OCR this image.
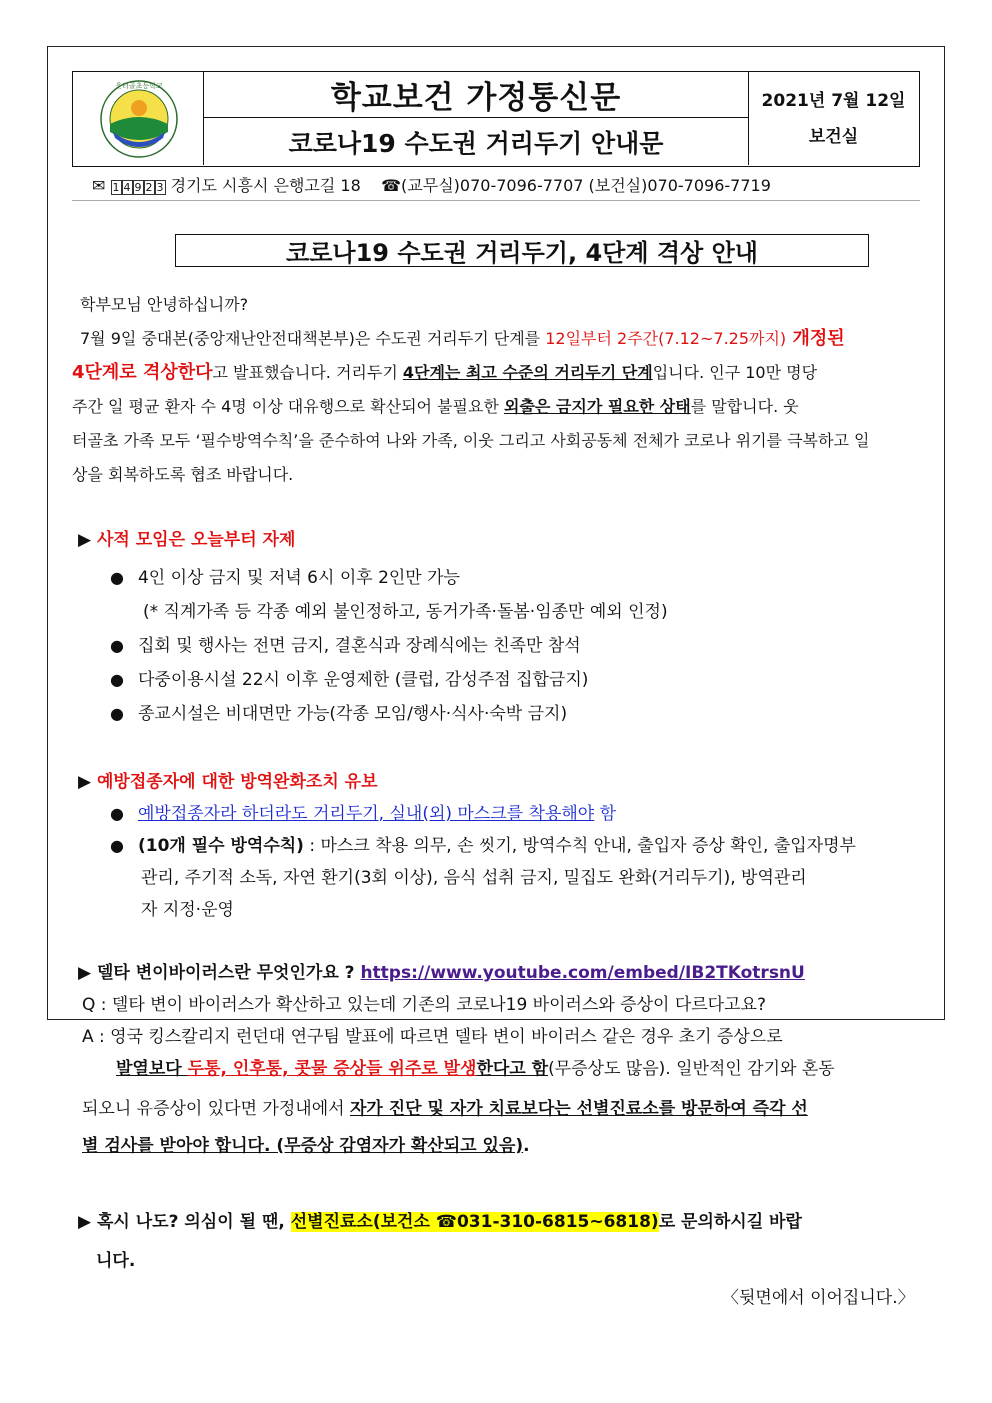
웃터골초등학교	학교보건 가정통신문
코로나19 수도권 거리두기 안내문
2021년 7월 12일
보건실
✉ 1 4 9 2 3 경기도 시흥시 은행고길 18 ☎(교무실)070-7096-7707 (보건실)070-7096-7719
코로나19 수도권 거리두기, 4단계 격상 안내

학부모님 안녕하십니까?

7월 9일 중대본(중앙재난안전대책본부)은 수도권 거리두기 단계를 12일부터 2주간(7.12~7.25까지) 개정된

4단계로 격상한다고 발표했습니다. 거리두기 4단계는 최고 수준의 거리두기 단계입니다. 인구 10만 명당

주간 일 평균 환자 수 4명 이상 대유행으로 확산되어 불필요한 외출은 금지가 필요한 상태를 말합니다. 웃

터골초 가족 모두 ‘필수방역수칙’을 준수하여 나와 가족, 이웃 그리고 사회공동체 전체가 코로나 위기를 극복하고 일

상을 회복하도록 협조 바랍니다.

▶ 사적 모임은 오늘부터 자제
● 4인 이상 금지 및 저녁 6시 이후 2인만 가능
(* 직계가족 등 각종 예외 불인정하고, 동거가족·돌봄·임종만 예외 인정)
● 집회 및 행사는 전면 금지, 결혼식과 장례식에는 친족만 참석
● 다중이용시설 22시 이후 운영제한 (클럽, 감성주점 집합금지)
● 종교시설은 비대면만 가능(각종 모임/행사·식사·숙박 금지)
▶ 예방접종자에 대한 방역완화조치 유보
● 예방접종자라 하더라도 거리두기, 실내(외) 마스크를 착용해야 함
● (10개 필수 방역수칙) : 마스크 착용 의무, 손 씻기, 방역수칙 안내, 출입자 증상 확인, 출입자명부
관리, 주기적 소독, 자연 환기(3회 이상), 음식 섭취 금지, 밀집도 완화(거리두기), 방역관리
자 지정·운영
▶ 델타 변이바이러스란 무엇인가요 ? https://www.youtube.com/embed/IB2TKotrsnU
Q : 델타 변이 바이러스가 확산하고 있는데 기존의 코로나19 바이러스와 증상이 다르다고요?
A : 영국 킹스칼리지 런던대 연구팀 발표에 따르면 델타 변이 바이러스 같은 경우 초기 증상으로
발열보다 두통, 인후통, 콧물 증상들 위주로 발생한다고 함(무증상도 많음). 일반적인 감기와 혼동
되오니 유증상이 있다면 가정내에서 자가 진단 및 자가 치료보다는 선별진료소를 방문하여 즉각 선
별 검사를 받아야 합니다. (무증상 감염자가 확산되고 있음).
▶ 혹시 나도? 의심이 될 땐, 선별진료소(보건소 ☎031-310-6815~6818)로 문의하시길 바랍
니다.
〈뒷면에서 이어집니다.〉
